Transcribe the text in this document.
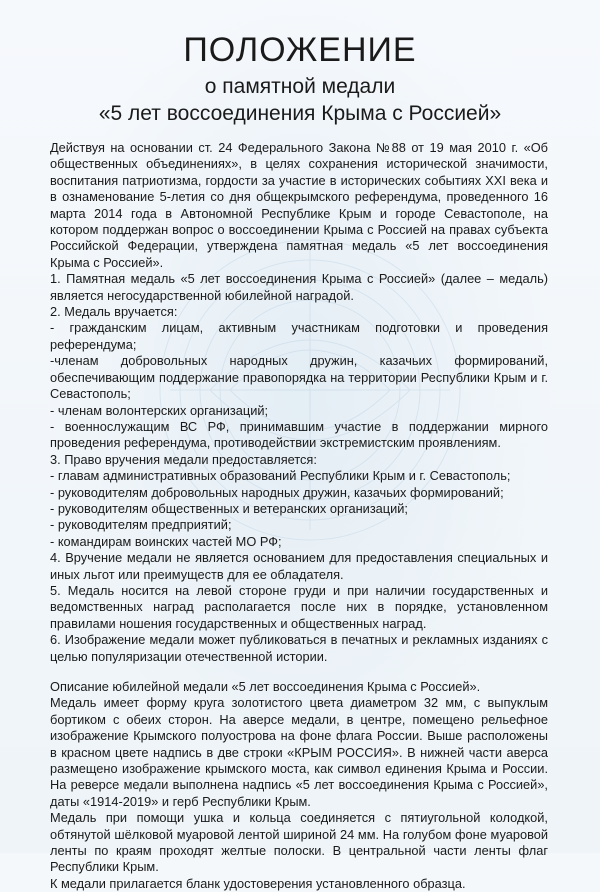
ПОЛОЖЕНИЕ

о памятной медали

«5 лет воссоединения Крыма с Россией»

Действуя на основании ст. 24 Федерального Закона №88 от 19 мая 2010 г. «Об общественных объединениях», в целях сохранения исторической значимости, воспитания патриотизма, гордости за участие в исторических событиях XXI века и в ознаменование 5-летия со дня общекрымского референдума, проведенного 16 марта 2014 года в Автономной Республике Крым и городе Севастополе, на котором поддержан вопрос о воссоединении Крыма с Россией на правах субъекта Российской Федерации, утверждена памятная медаль «5 лет воссоединения Крыма с Россией».

1. Памятная медаль «5 лет воссоединения Крыма с Россией» (далее – медаль) является негосударственной юбилейной наградой.

2. Медаль вручается:

- гражданским лицам, активным участникам подготовки и проведения референдума;

-членам добровольных народных дружин, казачьих формирований, обеспечивающим поддержание правопорядка на территории Республики Крым и г. Севастополь;

- членам волонтерских организаций;

- военнослужащим ВС РФ, принимавшим участие в поддержании мирного проведения референдума, противодействии экстремистским проявлениям.

3. Право вручения медали предоставляется:

- главам административных образований Республики Крым и г. Севастополь;

- руководителям добровольных народных дружин, казачьих формирований;

- руководителям общественных и ветеранских организаций;

- руководителям предприятий;

- командирам воинских частей МО РФ;

4. Вручение медали не является основанием для предоставления специальных и иных льгот или преимуществ для ее обладателя.

5. Медаль носится на левой стороне груди и при наличии государственных и ведомственных наград располагается после них в порядке, установленном правилами ношения государственных и общественных наград.

6. Изображение медали может публиковаться в печатных и рекламных изданиях с целью популяризации отечественной истории.

Описание юбилейной медали «5 лет воссоединения Крыма с Россией».

Медаль имеет форму круга золотистого цвета диаметром 32 мм, с выпуклым бортиком с обеих сторон. На аверсе медали, в центре, помещено рельефное изображение Крымского полуострова на фоне флага России. Выше расположены в красном цвете надпись в две строки «КРЫМ РОССИЯ». В нижней части аверса размещено изображение крымского моста, как символ единения Крыма и России. На реверсе медали выполнена надпись «5 лет воссоединения Крыма с Россией», даты «1914-2019» и герб Республики Крым.

Медаль при помощи ушка и кольца соединяется с пятиугольной колодкой, обтянутой шёлковой муаровой лентой шириной 24 мм. На голубом фоне муаровой ленты по краям проходят желтые полоски. В центральной части ленты флаг Республики Крым.

К медали прилагается бланк удостоверения установленного образца.
